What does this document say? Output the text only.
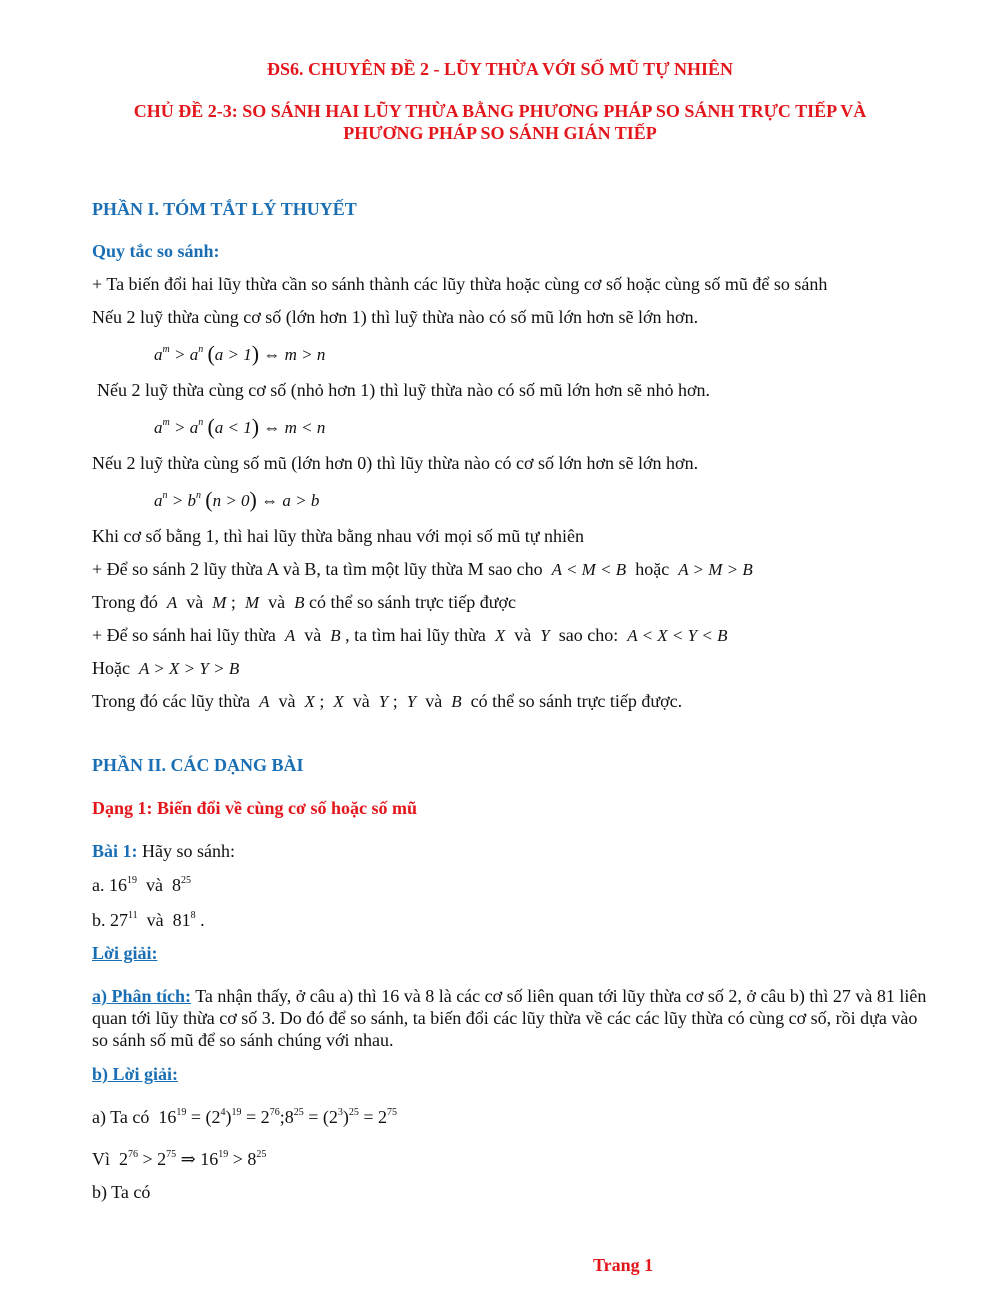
ĐS6. CHUYÊN ĐỀ 2 - LŨY THỪA VỚI SỐ MŨ TỰ NHIÊN
CHỦ ĐỀ 2-3: SO SÁNH HAI LŨY THỪA BẰNG PHƯƠNG PHÁP SO SÁNH TRỰC TIẾP VÀ
PHƯƠNG PHÁP SO SÁNH GIÁN TIẾP
PHẦN I. TÓM TẮT LÝ THUYẾT
Quy tắc so sánh:
+ Ta biến đổi hai lũy thừa cần so sánh thành các lũy thừa hoặc cùng cơ số hoặc cùng số mũ để so sánh
Nếu 2 luỹ thừa cùng cơ số (lớn hơn 1) thì luỹ thừa nào có số mũ lớn hơn sẽ lớn hơn.
$a^m > a^n$ (a > 1) ⇔ m > n
Nếu 2 luỹ thừa cùng cơ số (nhỏ hơn 1) thì luỹ thừa nào có số mũ lớn hơn sẽ nhỏ hơn.
$a^m > a^n$ (a < 1) ⇔ m < n
Nếu 2 luỹ thừa cùng số mũ (lớn hơn 0) thì lũy thừa nào có cơ số lớn hơn sẽ lớn hơn.
$a^n > b^n$ (n > 0) ⇔ a > b
Khi cơ số bằng 1, thì hai lũy thừa bằng nhau với mọi số mũ tự nhiên
+ Để so sánh 2 lũy thừa A và B, ta tìm một lũy thừa M sao cho A < M < B hoặc A > M > B
Trong đó A và M ;  M và B có thể so sánh trực tiếp được
+ Để so sánh hai lũy thừa A và B , ta tìm hai lũy thừa X và Y sao cho: A < X < Y < B
Hoặc A > X > Y > B
Trong đó các lũy thừa A và X ;  X và Y ;  Y và B có thể so sánh trực tiếp được.
PHẦN II. CÁC DẠNG BÀI
Dạng 1: Biến đổi về cùng cơ số hoặc số mũ
Bài 1: Hãy so sánh:
a. $16^{19}$ và  $8^{25}$
b. $27^{11}$ và  $81^8$ .
Lời giải:
a) Phân tích: Ta nhận thấy, ở câu a) thì 16 và 8 là các cơ số liên quan tới lũy thừa cơ số 2, ở câu b) thì 27 và 81 liên quan tới lũy thừa cơ số 3. Do đó để so sánh, ta biến đổi các lũy thừa về các các lũy thừa có cùng cơ số, rồi dựa vào so sánh số mũ để so sánh chúng với nhau.
b) Lời giải:
a) Ta có  $16^{19} = (2^4)^{19}$ = $2^{76};8^{25} = (2^3)^{25} = 2^{75}$
Vì  $2^{76} > 2^{75}$ ⇒ $16^{19} > 8^{25}$
b) Ta có
Trang 1
